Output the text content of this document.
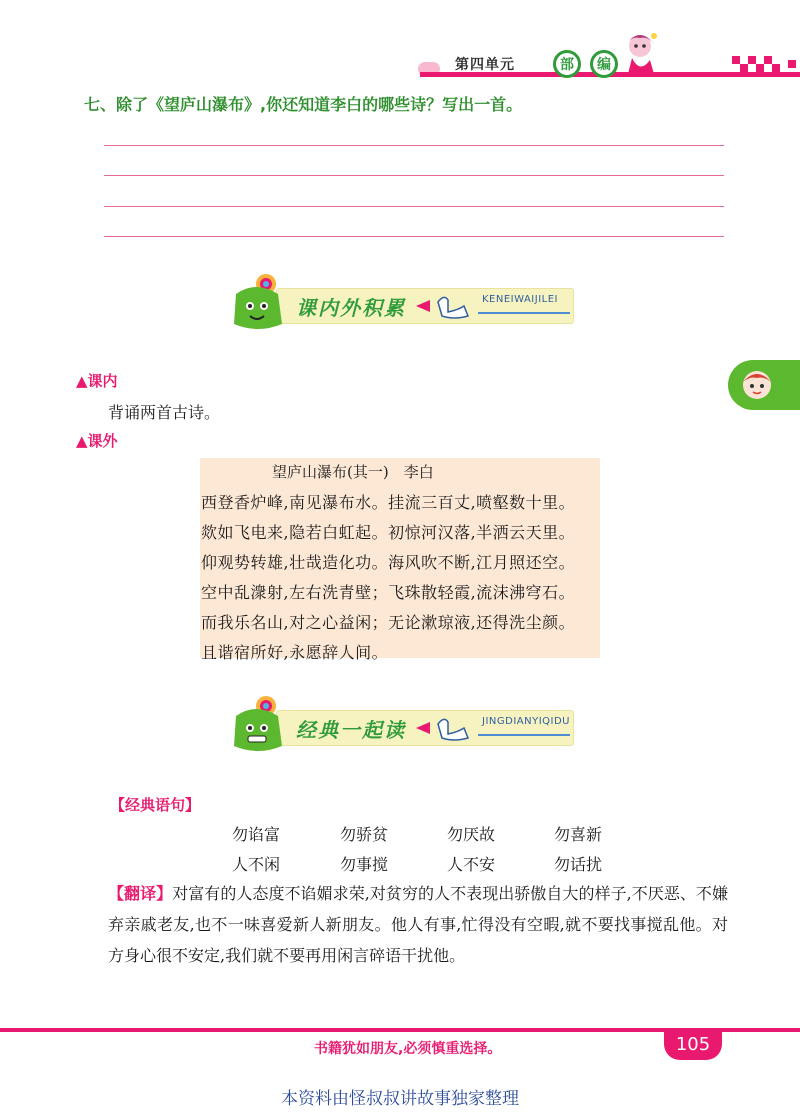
第四单元	部	编
七、除了《望庐山瀑布》,你还知道李白的哪些诗？写出一首。
课内外积累	KENEIWAIJILEI
▲课内
背诵两首古诗。
▲课外
望庐山瀑布(其一)　李白
西登香炉峰,南见瀑布水。挂流三百丈,喷壑数十里。
欻如飞电来,隐若白虹起。初惊河汉落,半洒云天里。
仰观势转雄,壮哉造化功。海风吹不断,江月照还空。
空中乱潨射,左右洗青壁；飞珠散轻霞,流沫沸穹石。
而我乐名山,对之心益闲；无论漱琼液,还得洗尘颜。
且谐宿所好,永愿辞人间。
经典一起读	JINGDIANYIQIDU
【经典语句】
勿谄富	勿骄贫	勿厌故	勿喜新
人不闲	勿事搅	人不安	勿话扰
【翻译】对富有的人态度不谄媚求荣,对贫穷的人不表现出骄傲自大的样子,不厌恶、不嫌弃亲戚老友,也不一味喜爱新人新朋友。他人有事,忙得没有空暇,就不要找事搅乱他。对方身心很不安定,我们就不要再用闲言碎语干扰他。
105
书籍犹如朋友,必须慎重选择。
本资料由怪叔叔讲故事独家整理
